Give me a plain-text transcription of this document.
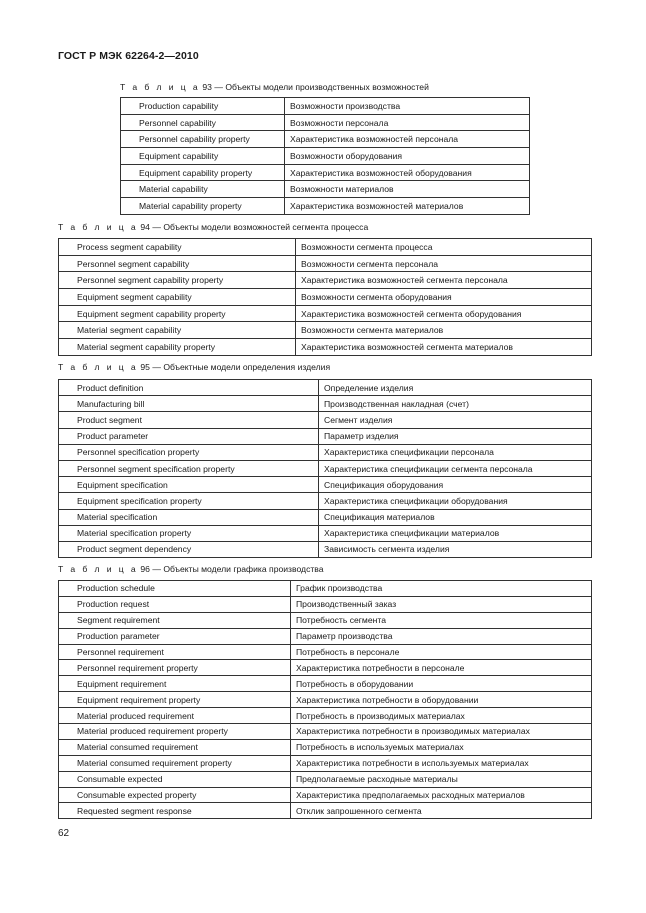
ГОСТ Р МЭК 62264-2—2010
Т а б л и ц а 93 — Объекты модели производственных возможностей
Production capability	Возможности производства
Personnel capability	Возможности персонала
Personnel capability property	Характеристика возможностей персонала
Equipment capability	Возможности оборудования
Equipment capability property	Характеристика возможностей оборудования
Material capability	Возможности материалов
Material capability property	Характеристика возможностей материалов
Т а б л и ц а 94 — Объекты модели возможностей сегмента процесса
Process segment capability	Возможности сегмента процесса
Personnel segment capability	Возможности сегмента персонала
Personnel segment capability property	Характеристика возможностей сегмента персонала
Equipment segment capability	Возможности сегмента оборудования
Equipment segment capability property	Характеристика возможностей сегмента оборудования
Material segment capability	Возможности сегмента материалов
Material segment capability property	Характеристика возможностей сегмента материалов
Т а б л и ц а 95 — Объектные модели определения изделия
Product definition	Определение изделия
Manufacturing bill	Производственная накладная (счет)
Product segment	Сегмент изделия
Product parameter	Параметр изделия
Personnel specification property	Характеристика спецификации персонала
Personnel segment specification property	Характеристика спецификации сегмента персонала
Equipment specification	Спецификация оборудования
Equipment specification property	Характеристика спецификации оборудования
Material specification	Спецификация материалов
Material specification property	Характеристика спецификации материалов
Product segment dependency	Зависимость сегмента изделия
Т а б л и ц а 96 — Объекты модели графика производства
Production schedule	График производства
Production request	Производственный заказ
Segment requirement	Потребность сегмента
Production parameter	Параметр производства
Personnel requirement	Потребность в персонале
Personnel requirement property	Характеристика потребности в персонале
Equipment requirement	Потребность в оборудовании
Equipment requirement property	Характеристика потребности в оборудовании
Material produced requirement	Потребность в производимых материалах
Material produced requirement property	Характеристика потребности в производимых материалах
Material consumed requirement	Потребность в используемых материалах
Material consumed requirement property	Характеристика потребности в используемых материалах
Consumable expected	Предполагаемые расходные материалы
Consumable expected property	Характеристика предполагаемых расходных материалов
Requested segment response	Отклик запрошенного сегмента
62
